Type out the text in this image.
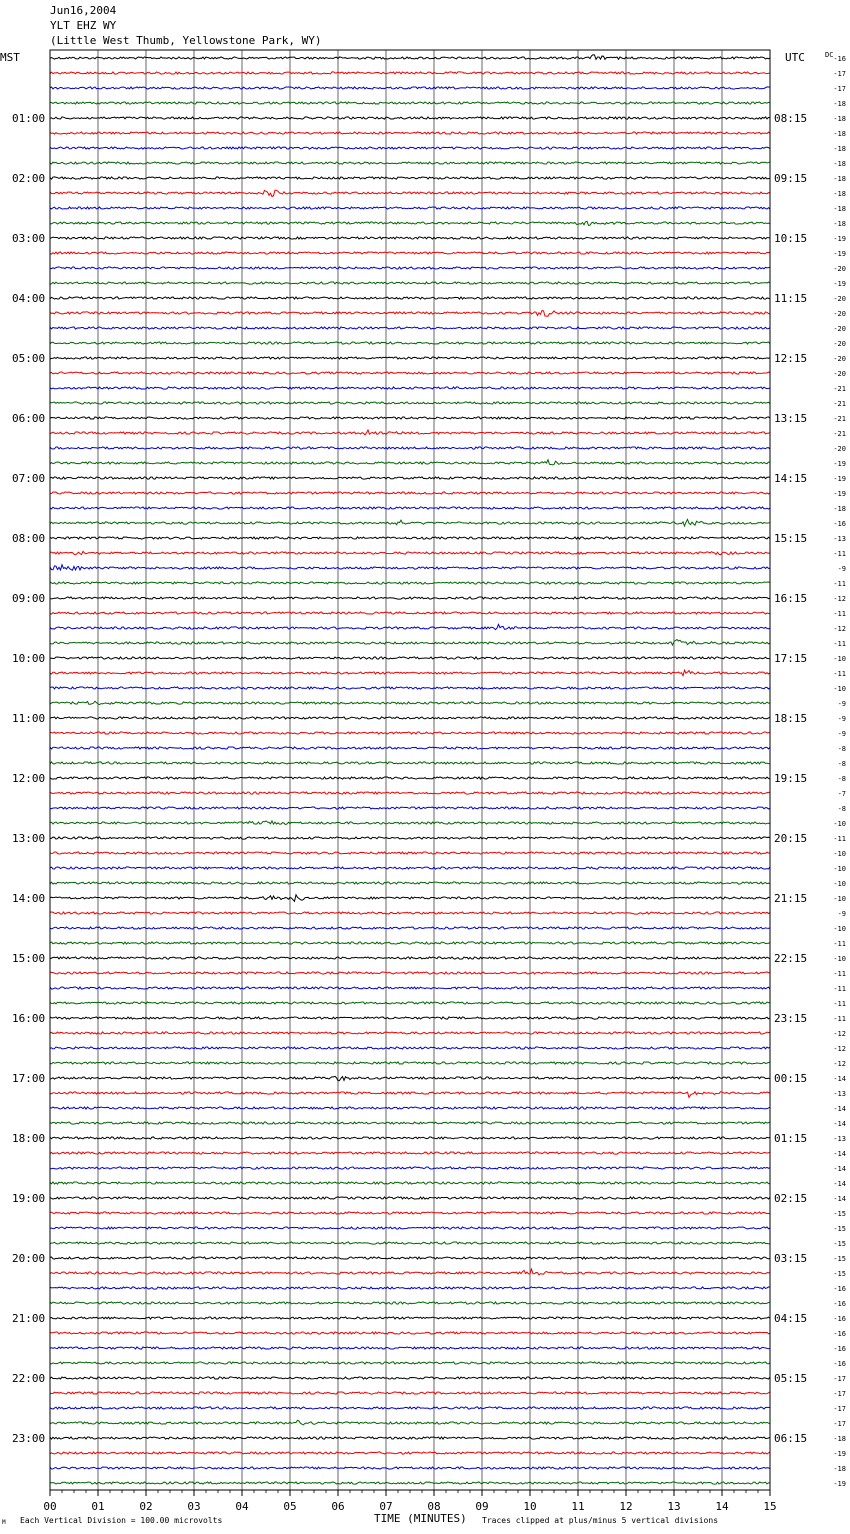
Jun16,2004
YLT EHZ WY
(Little West Thumb, Yellowstone Park, WY)
MST	UTC	DC
01:00
02:00
03:00
04:00
05:00
06:00
07:00
08:00
09:00
10:00
11:00
12:00
13:00
14:00
15:00
16:00
17:00
18:00
19:00
20:00
21:00
22:00
23:00
08:15
09:15
10:15
11:15
12:15
13:15
14:15
15:15
16:15
17:15
18:15
19:15
20:15
21:15
22:15
23:15
00:15
01:15
02:15
03:15
04:15
05:15
06:15
-16
-17
-17
-18
-18
-18
-18
-18
-18
-18
-18
-18
-19
-19
-20
-19
-20
-20
-20
-20
-20
-20
-21
-21
-21
-21
-20
-19
-19
-19
-18
-16
-13
-11
-9
-11
-12
-11
-12
-11
-10
-11
-10
-9
-9
-9
-8
-8
-8
-7
-8
-10
-11
-10
-10
-10
-10
-9
-10
-11
-10
-11
-11
-11
-11
-12
-12
-12
-14
-13
-14
-14
-13
-14
-14
-14
-14
-15
-15
-15
-15
-15
-16
-16
-16
-16
-16
-16
-17
-17
-17
-17
-18
-19
-18
-19
00	01	02	03	04	05	06	07	08	09	10	11	12	13	14	15
TIME (MINUTES)
Each Vertical Division = 100.00 microvolts	Traces clipped at plus/minus 5 vertical divisions
M
